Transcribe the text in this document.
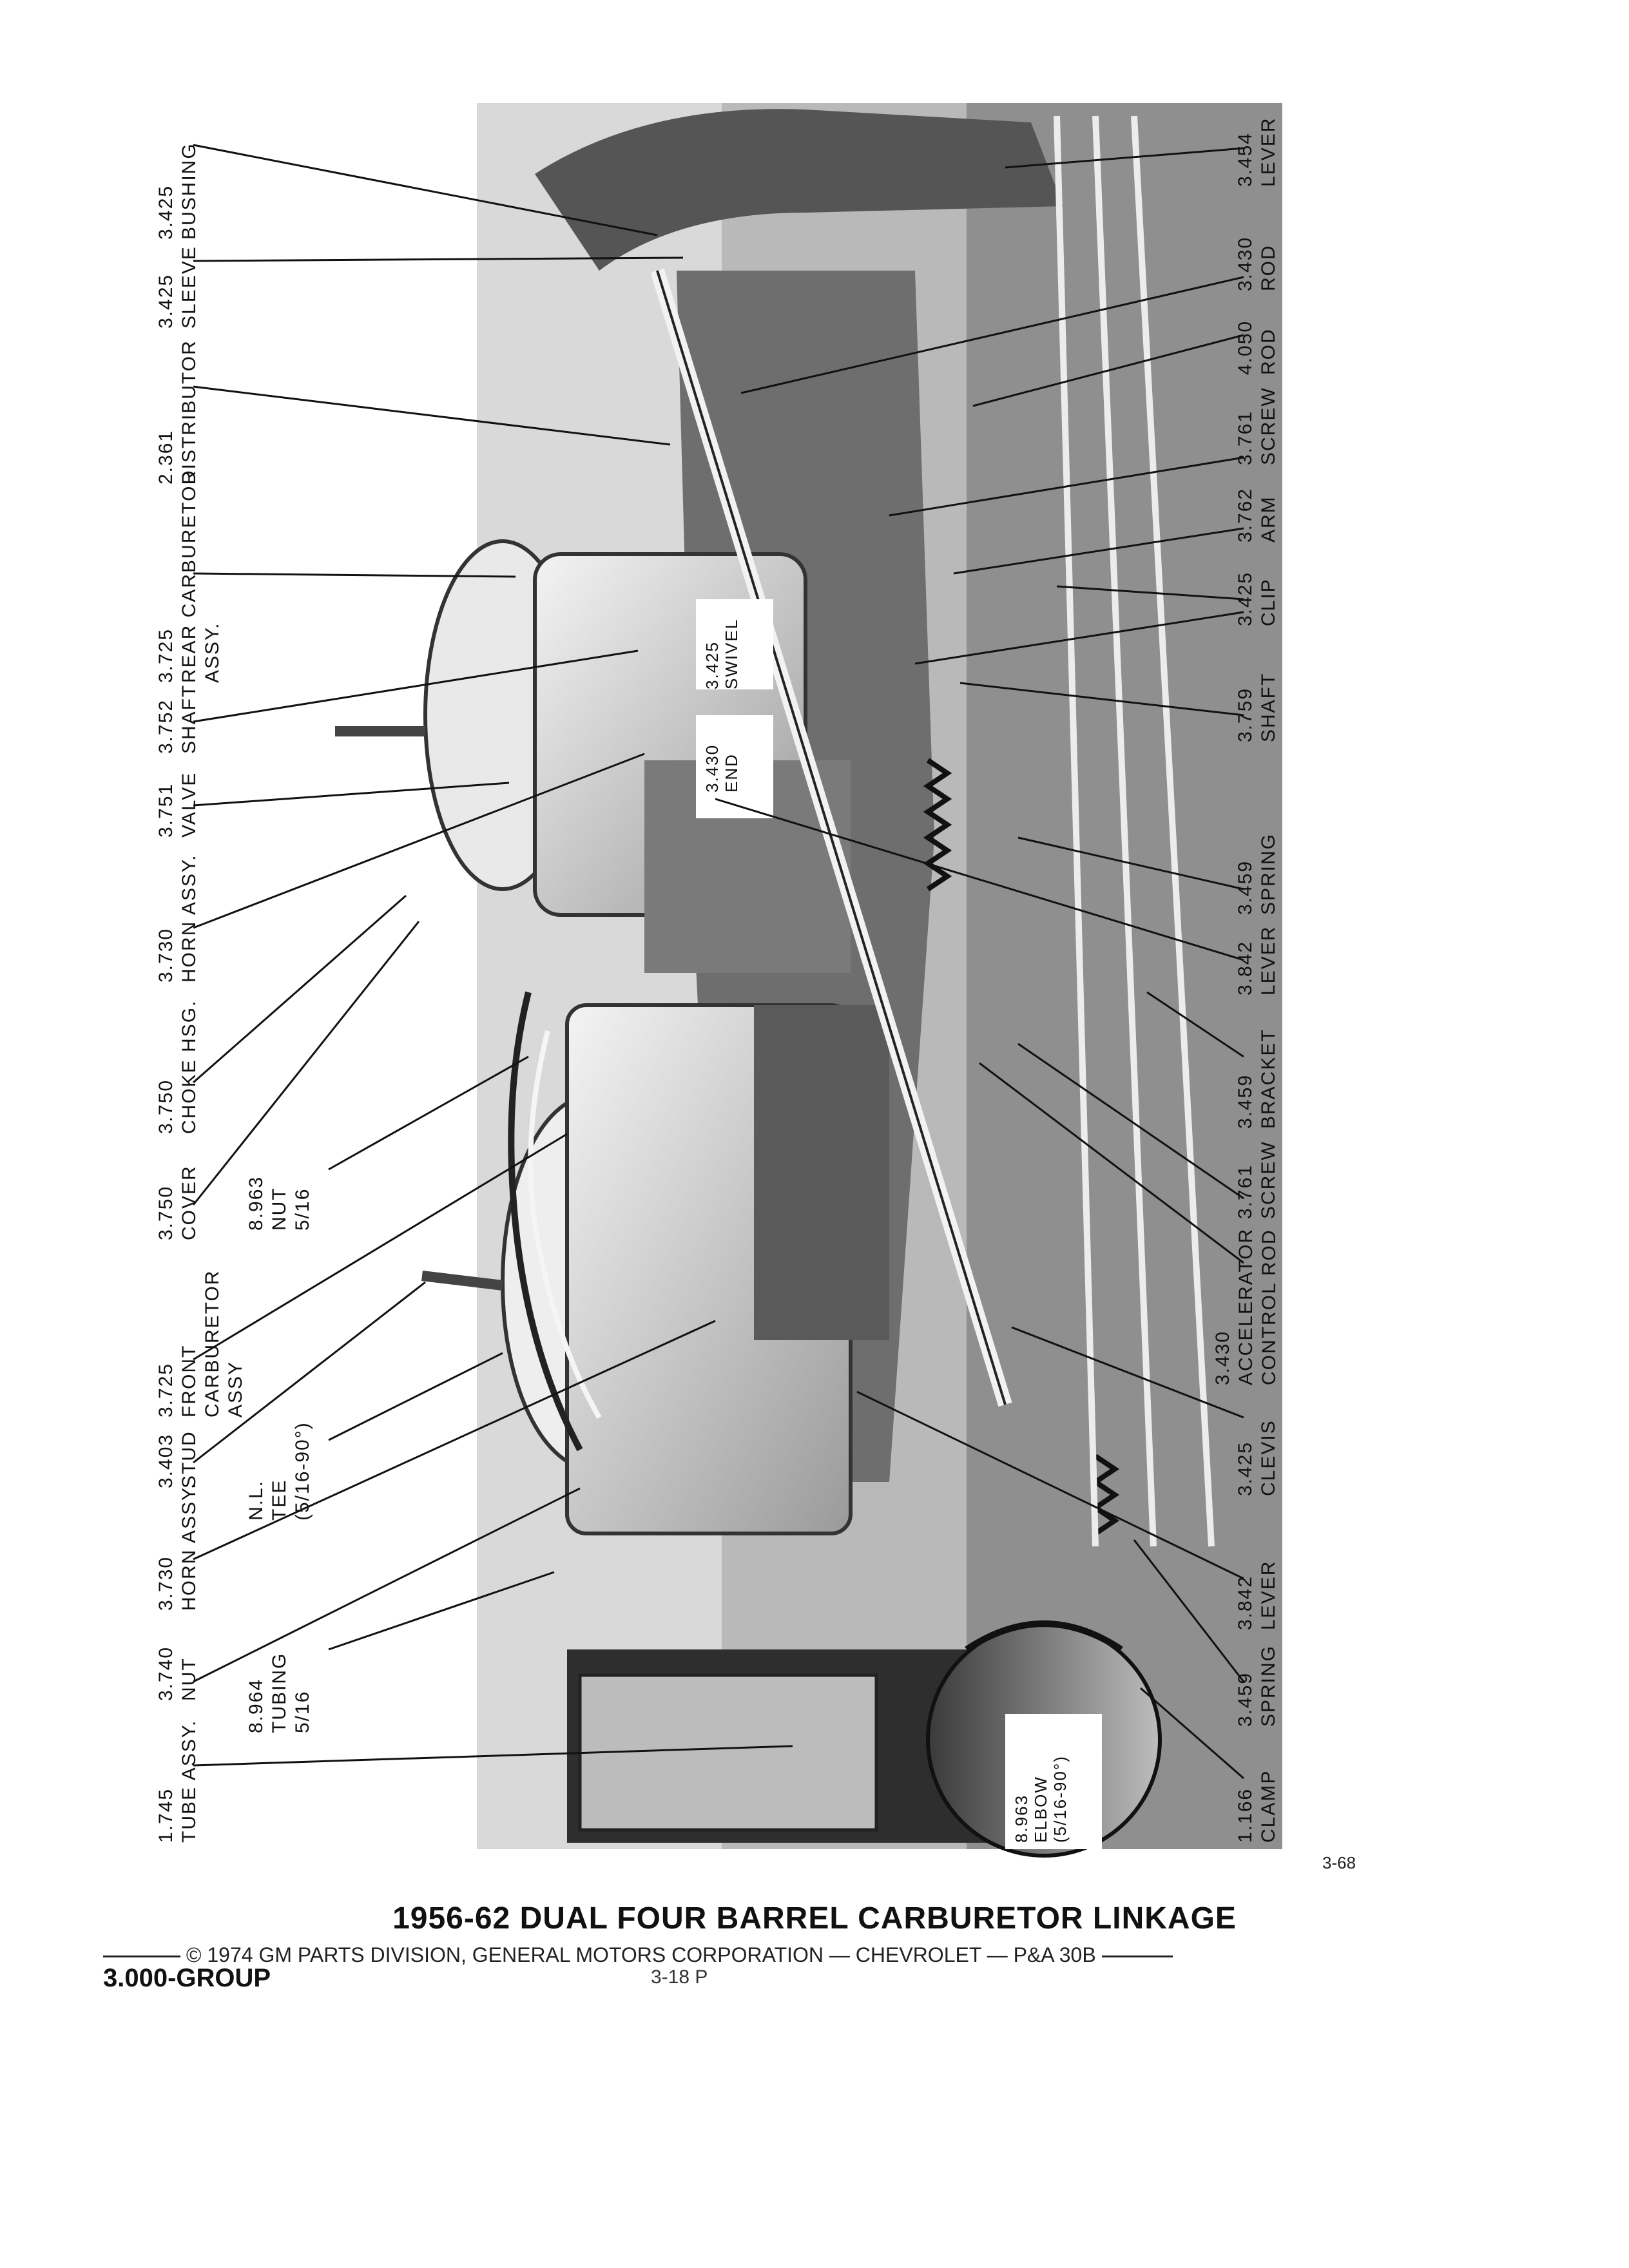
3.425 BUSHING
3.425 SLEEVE
2.361 DISTRIBUTOR
3.725 REAR CARBURETOR ASSY.
3.752 SHAFT
3.751 VALVE
3.730 HORN ASSY.
3.750 CHOKE HSG.
3.750 COVER
3.725 FRONT CARBURETOR ASSY
3.403 STUD
3.730 HORN ASSY.
3.740 NUT
1.745 TUBE ASSY.
8.963 NUT 5/16
N.L. TEE (5/16-90°)
8.964 TUBING 5/16
3.425 SWIVEL
3.430 END
8.963 ELBOW (5/16-90°)
3.454 LEVER
3.430 ROD
4.050 ROD
3.761 SCREW
3.762 ARM
3.425 CLIP
3.759 SHAFT
3.459 SPRING
3.842 LEVER
3.459 BRACKET
3.761 SCREW
3.430 ACCELERATOR CONTROL ROD
3.425 CLEVIS
3.842 LEVER
3.459 SPRING
1.166 CLAMP
3-68
1956-62 DUAL FOUR BARREL CARBURETOR LINKAGE
© 1974 GM PARTS DIVISION, GENERAL MOTORS CORPORATION — CHEVROLET — P&A 30B
3.000-GROUP	3-18 P
